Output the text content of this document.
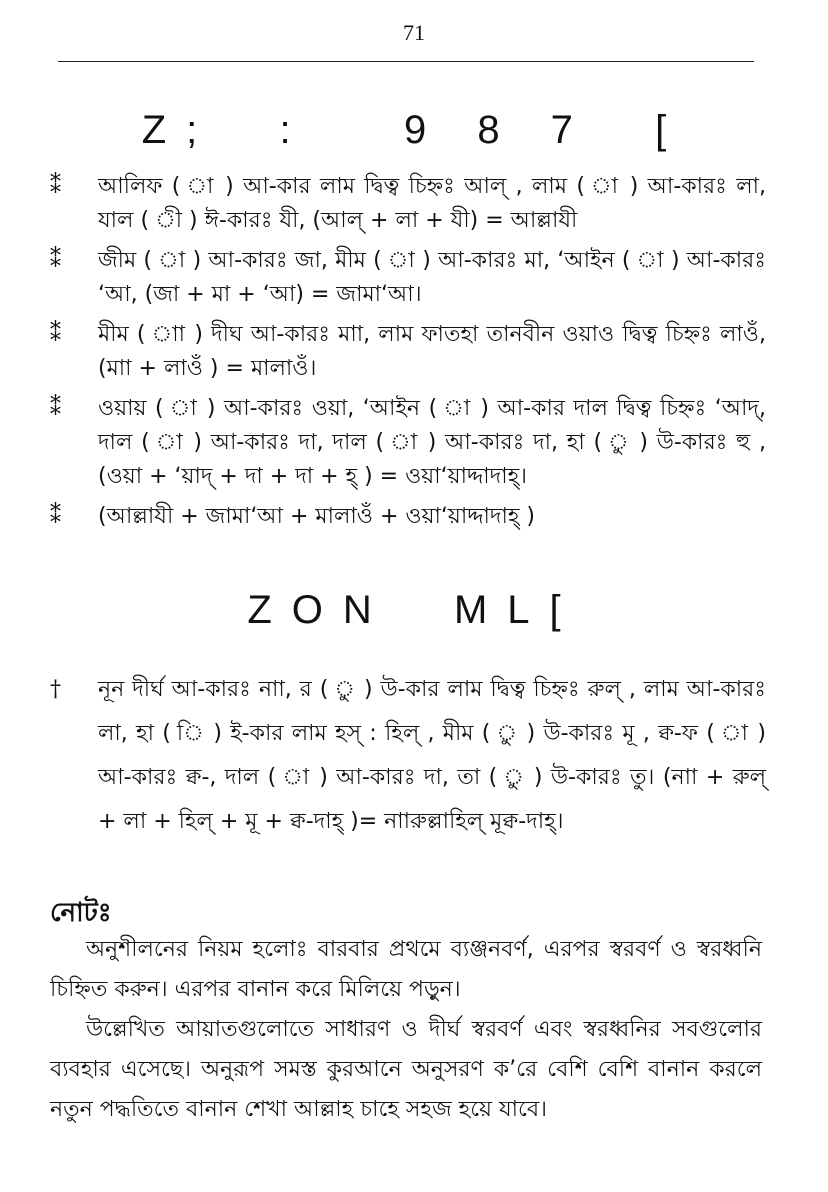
71
Z;  :   9 8 7  [
⁑	আলিফ ( া ) আ-কার লাম দ্বিত্ব চিহ্নঃ আল্ , লাম ( া ) আ-কারঃ লা, যাল ( ী ) ঈ-কারঃ যী, (আল্ + লা + যী) = আল্লাযী
⁑	জীম ( া ) আ-কারঃ জা, মীম ( া ) আ-কারঃ মা, ‘আইন ( া ) আ-কারঃ ‘আ, (জা + মা + ‘আ) = জামা‘আ।
⁑	মীম ( াা ) দীঘ আ-কারঃ মাা, লাম ফাতহা তানবীন ওয়াও দ্বিত্ব চিহ্নঃ লাওঁ, (মাা + লাওঁ ) = মালাওঁ।
⁑	ওয়ায় ( া ) আ-কারঃ ওয়া, ‘আইন ( া ) আ-কার দাল দ্বিত্ব চিহ্নঃ ‘আদ্, দাল ( া ) আ-কারঃ দা, দাল ( া ) আ-কারঃ দা, হা ( ু ) উ-কারঃ হু , (ওয়া + ‘য়াদ্ + দা + দা + হ্ ) = ওয়া‘য়াদ্দাদাহ্।
⁑	(আল্লাযী + জামা‘আ + মালাওঁ + ওয়া‘য়াদ্দাদাহ্ )
ZON  ML[
†	নূন দীর্ঘ আ-কারঃ নাা, র ( ু ) উ-কার লাম দ্বিত্ব চিহ্নঃ রুল্ , লাম আ-কারঃ লা, হা ( ি ) ই-কার লাম হস্ : হিল্ , মীম ( ু ) উ-কারঃ মূ , ক্ব-ফ ( া ) আ-কারঃ ক্ব-, দাল ( া ) আ-কারঃ দা, তা ( ু ) উ-কারঃ তু। (নাা + রুল্ + লা + হিল্ + মূ + ক্ব-দাহ্ )= নাারুল্লাহিল্ মূক্ব-দাহ্।
নোটঃ

অনুশীলনের নিয়ম হলোঃ বারবার প্রথমে ব্যঞ্জনবর্ণ, এরপর স্বরবর্ণ ও স্বরধ্বনি চিহ্নিত করুন। এরপর বানান করে মিলিয়ে পড়ুন।

উল্লেখিত আয়াতগুলোতে সাধারণ ও দীর্ঘ স্বরবর্ণ এবং স্বরধ্বনির সবগুলোর ব্যবহার এসেছে। অনুরূপ সমস্ত কুরআনে অনুসরণ ক’রে বেশি বেশি বানান করলে নতুন পদ্ধতিতে বানান শেখা আল্লাহ চাহে সহজ হয়ে যাবে।
